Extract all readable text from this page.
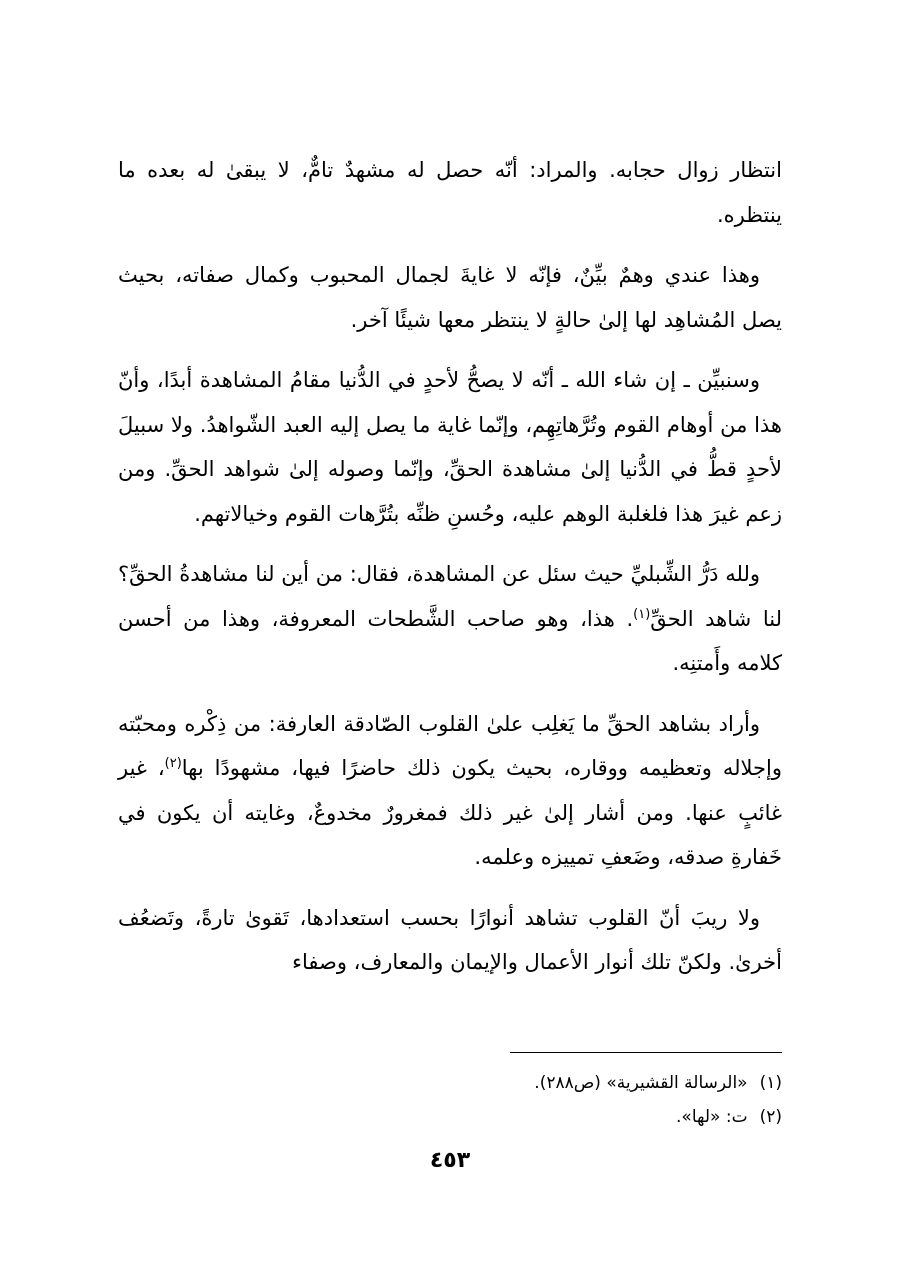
انتظار زوال حجابه. والمراد: أنّه حصل له مشهدٌ تامٌّ، لا يبقىٰ له بعده ما ينتظره.

وهذا عندي وهمٌ بيِّنٌ، فإنّه لا غايةَ لجمال المحبوب وكمال صفاته، بحيث يصل المُشاهِد لها إلىٰ حالةٍ لا ينتظر معها شيئًا آخر.

وسنبيِّن ـ إن شاء الله ـ أنّه لا يصحُّ لأحدٍ في الدُّنيا مقامُ المشاهدة أبدًا، وأنّ هذا من أوهام القوم وتُرَّهاتِهِم، وإنّما غاية ما يصل إليه العبد الشّواهدُ. ولا سبيلَ لأحدٍ قطُّ في الدُّنيا إلىٰ مشاهدة الحقِّ، وإنّما وصوله إلىٰ شواهد الحقِّ. ومن زعم غيرَ هذا فلغلبة الوهم عليه، وحُسنِ ظنِّه بتُرَّهات القوم وخيالاتهم.

ولله دَرُّ الشِّبليِّ حيث سئل عن المشاهدة، فقال: من أين لنا مشاهدةُ الحقِّ؟ لنا شاهد الحقِّ$^{(١)}$. هذا، وهو صاحب الشَّطحات المعروفة، وهذا من أحسن كلامه وأَمتنِه.

وأراد بشاهد الحقِّ ما يَغلِب علىٰ القلوب الصّادقة العارفة: من ذِكْره ومحبّته وإجلاله وتعظيمه ووقاره، بحيث يكون ذلك حاضرًا فيها، مشهودًا بها$^{(٢)}$، غير غائبٍ عنها. ومن أشار إلىٰ غير ذلك فمغرورٌ مخدوعٌ، وغايته أن يكون في خَفارةِ صدقه، وضَعفِ تمييزه وعلمه.

ولا ريبَ أنّ القلوب تشاهد أنوارًا بحسب استعدادها، تَقوىٰ تارةً، وتَضعُف أخرىٰ. ولكنّ تلك أنوار الأعمال والإيمان والمعارف، وصفاء

(١)«الرسالة القشيرية» (ص٢٨٨).

(٢)ت: «لها».

٤٥٣
